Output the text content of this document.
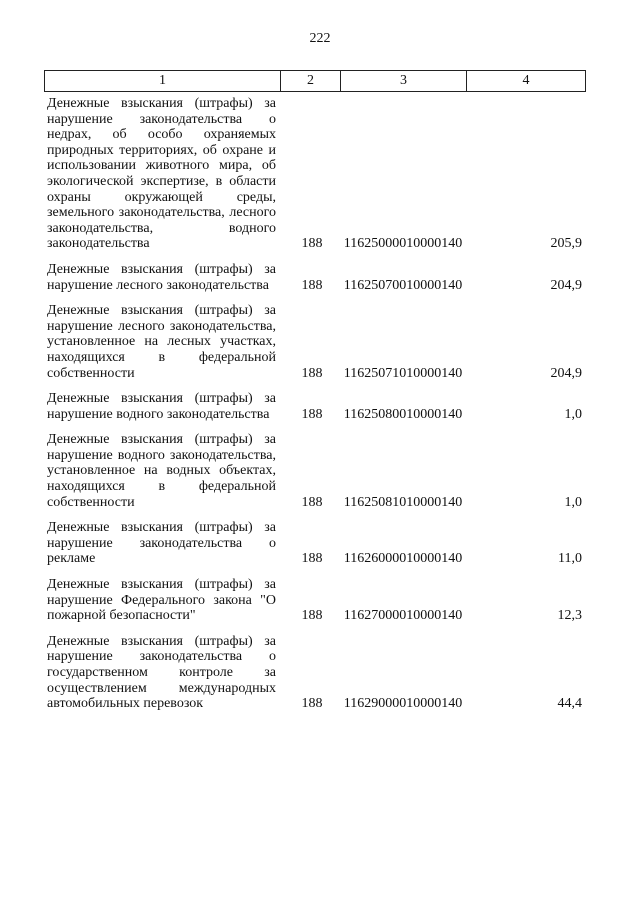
222
1	2	3	4
Денежные взыскания (штрафы) за нарушение законодательства о недрах, об особо охраняемых природных территориях, об охране и использовании животного мира, об экологической экспертизе, в области охраны окружающей среды, земельного законодательства, лесного законодательства, водного законодательства	188	11625000010000140	205,9
Денежные взыскания (штрафы) за нарушение лесного законодательства	188	11625070010000140	204,9
Денежные взыскания (штрафы) за нарушение лесного законодательства, установленное на лесных участках, находящихся в федеральной собственности	188	11625071010000140	204,9
Денежные взыскания (штрафы) за нарушение водного законодательства	188	11625080010000140	1,0
Денежные взыскания (штрафы) за нарушение водного законодательства, установленное на водных объектах, находящихся в федеральной собственности	188	11625081010000140	1,0
Денежные взыскания (штрафы) за нарушение законодательства о рекламе	188	11626000010000140	11,0
Денежные взыскания (штрафы) за нарушение Федерального закона "О пожарной безопасности"	188	11627000010000140	12,3
Денежные взыскания (штрафы) за нарушение законодательства о государственном контроле за осуществлением международных автомобильных перевозок	188	11629000010000140	44,4
